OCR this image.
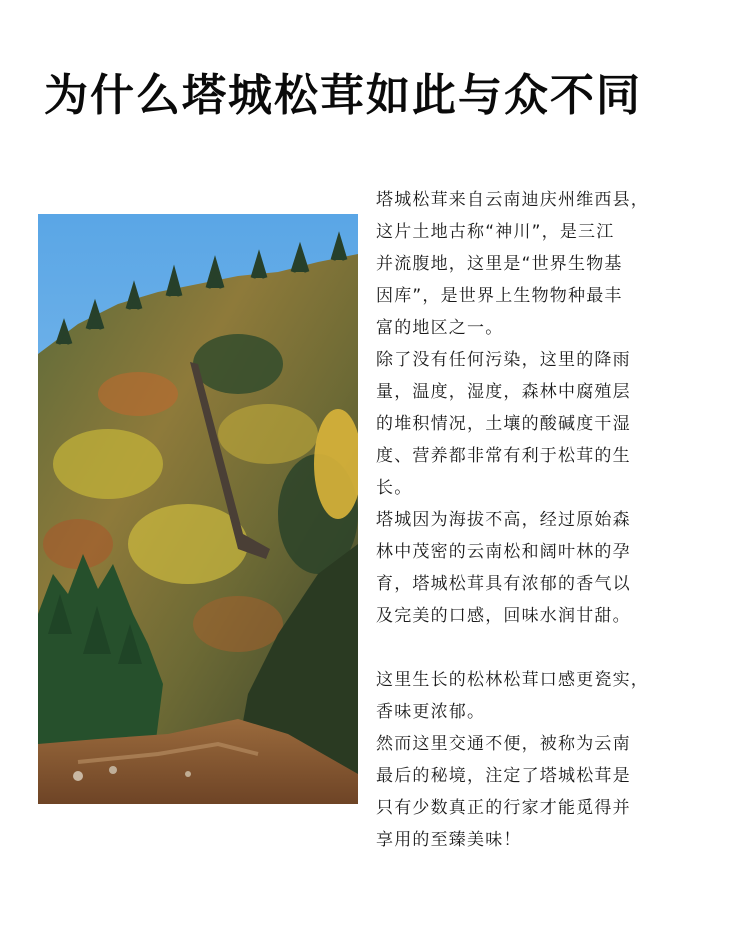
为什么塔城松茸如此与众不同

塔城松茸来自云南迪庆州维西县，
这片土地古称“神川”，是三江
并流腹地，这里是“世界生物基
因库”，是世界上生物物种最丰
富的地区之一。

除了没有任何污染，这里的降雨
量，温度，湿度，森林中腐殖层
的堆积情况，土壤的酸碱度干湿
度、营养都非常有利于松茸的生
长。

塔城因为海拔不高，经过原始森
林中茂密的云南松和阔叶林的孕
育，塔城松茸具有浓郁的香气以
及完美的口感，回味水润甘甜。

这里生长的松林松茸口感更瓷实，
香味更浓郁。

然而这里交通不便，被称为云南
最后的秘境，注定了塔城松茸是
只有少数真正的行家才能觅得并
享用的至臻美味！
